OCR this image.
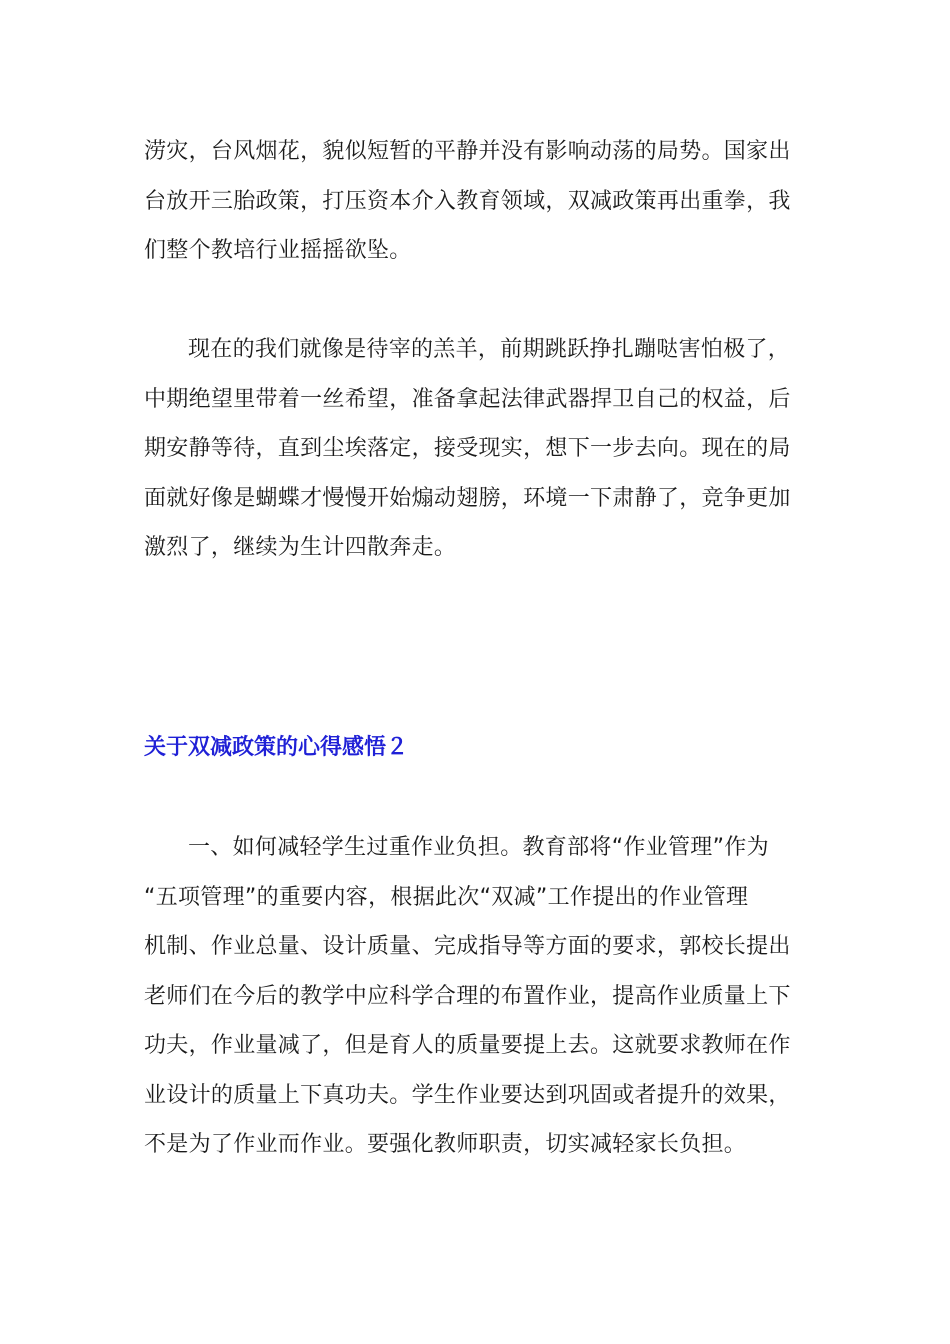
涝灾，台风烟花，貌似短暂的平静并没有影响动荡的局势。国家出
台放开三胎政策，打压资本介入教育领域，双减政策再出重拳，我
们整个教培行业摇摇欲坠。

现在的我们就像是待宰的羔羊，前期跳跃挣扎蹦哒害怕极了，
中期绝望里带着一丝希望，准备拿起法律武器捍卫自己的权益，后
期安静等待，直到尘埃落定，接受现实，想下一步去向。现在的局
面就好像是蝴蝶才慢慢开始煽动翅膀，环境一下肃静了，竞争更加
激烈了，继续为生计四散奔走。

关于双减政策的心得感悟２

一、如何减轻学生过重作业负担。教育部将“作业管理”作为
“五项管理”的重要内容，根据此次“双减”工作提出的作业管理
机制、作业总量、设计质量、完成指导等方面的要求，郭校长提出
老师们在今后的教学中应科学合理的布置作业，提高作业质量上下
功夫，作业量减了，但是育人的质量要提上去。这就要求教师在作
业设计的质量上下真功夫。学生作业要达到巩固或者提升的效果，
不是为了作业而作业。要强化教师职责，切实减轻家长负担。
